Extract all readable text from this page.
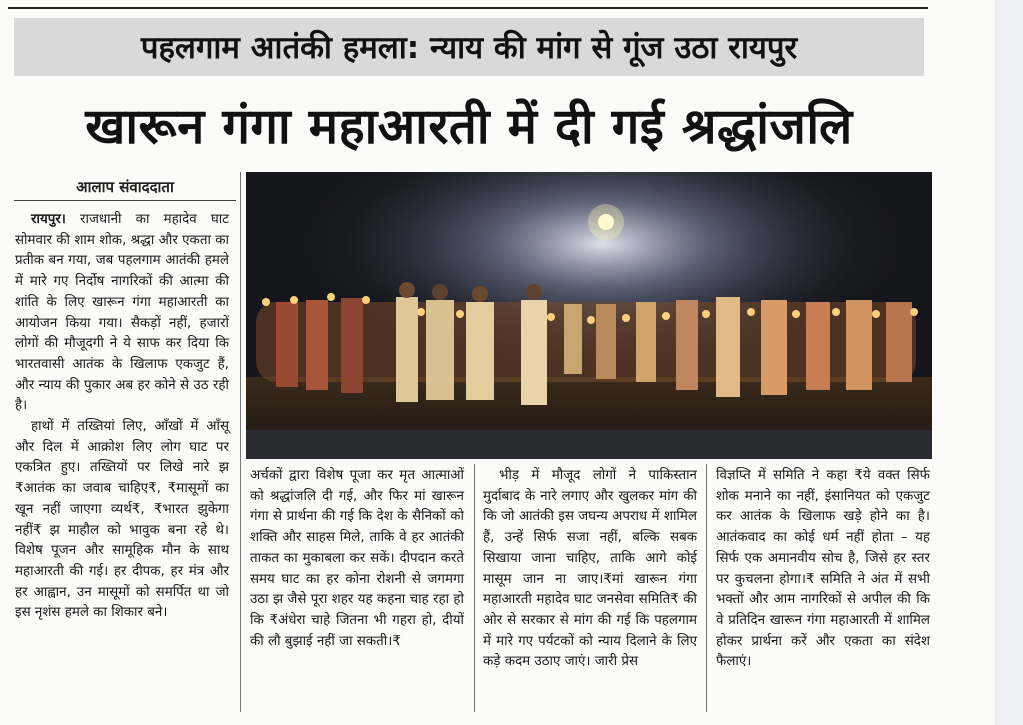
पहलगाम आतंकी हमला: न्याय की मांग से गूंज उठा रायपुर
खारून गंगा महाआरती में दी गई श्रद्धांजलि
आलाप संवाददाता

रायपुर। राजधानी का महादेव घाट सोमवार की शाम शोक, श्रद्धा और एकता का प्रतीक बन गया, जब पहलगाम आतंकी हमले में मारे गए निर्दोष नागरिकों की आत्मा की शांति के लिए खारून गंगा महाआरती का आयोजन किया गया। सैकड़ों नहीं, हजारों लोगों की मौजूदगी ने ये साफ कर दिया कि भारतवासी आतंक के खिलाफ एकजुट हैं, और न्याय की पुकार अब हर कोने से उठ रही है।

हाथों में तख्तियां लिए, आँखों में आँसू और दिल में आक्रोश लिए लोग घाट पर एकत्रित हुए। तख्तियों पर लिखे नारे झ ₹आतंक का जवाब चाहिए₹, ₹मासूमों का खून नहीं जाएगा व्यर्थ₹, ₹भारत झुकेगा नहीं₹ झ माहौल को भावुक बना रहे थे। विशेष पूजन और सामूहिक मौन के साथ महाआरती की गई। हर दीपक, हर मंत्र और हर आह्वान, उन मासूमों को समर्पित था जो इस नृशंस हमले का शिकार बने।

अर्चकों द्वारा विशेष पूजा कर मृत आत्माओं को श्रद्धांजलि दी गई, और फिर मां खारून गंगा से प्रार्थना की गई कि देश के सैनिकों को शक्ति और साहस मिले, ताकि वे हर आतंकी ताकत का मुकाबला कर सकें। दीपदान करते समय घाट का हर कोना रोशनी से जगमगा उठा झ जैसे पूरा शहर यह कहना चाह रहा हो कि ₹अंधेरा चाहे जितना भी गहरा हो, दीयों की लौ बुझाई नहीं जा सकती।₹

भीड़ में मौजूद लोगों ने पाकिस्तान मुर्दाबाद के नारे लगाए और खुलकर मांग की कि जो आतंकी इस जघन्य अपराध में शामिल हैं, उन्हें सिर्फ सजा नहीं, बल्कि सबक सिखाया जाना चाहिए, ताकि आगे कोई मासूम जान ना जाए।₹मां खारून गंगा महाआरती महादेव घाट जनसेवा समिति₹ की ओर से सरकार से मांग की गई कि पहलगाम में मारे गए पर्यटकों को न्याय दिलाने के लिए कड़े कदम उठाए जाएं। जारी प्रेस

विज्ञप्ति में समिति ने कहा ₹ये वक्त सिर्फ शोक मनाने का नहीं, इंसानियत को एकजुट कर आतंक के खिलाफ खड़े होने का है। आतंकवाद का कोई धर्म नहीं होता – यह सिर्फ एक अमानवीय सोच है, जिसे हर स्तर पर कुचलना होगा।₹ समिति ने अंत में सभी भक्तों और आम नागरिकों से अपील की कि वे प्रतिदिन खारून गंगा महाआरती में शामिल होकर प्रार्थना करें और एकता का संदेश फैलाएं।
